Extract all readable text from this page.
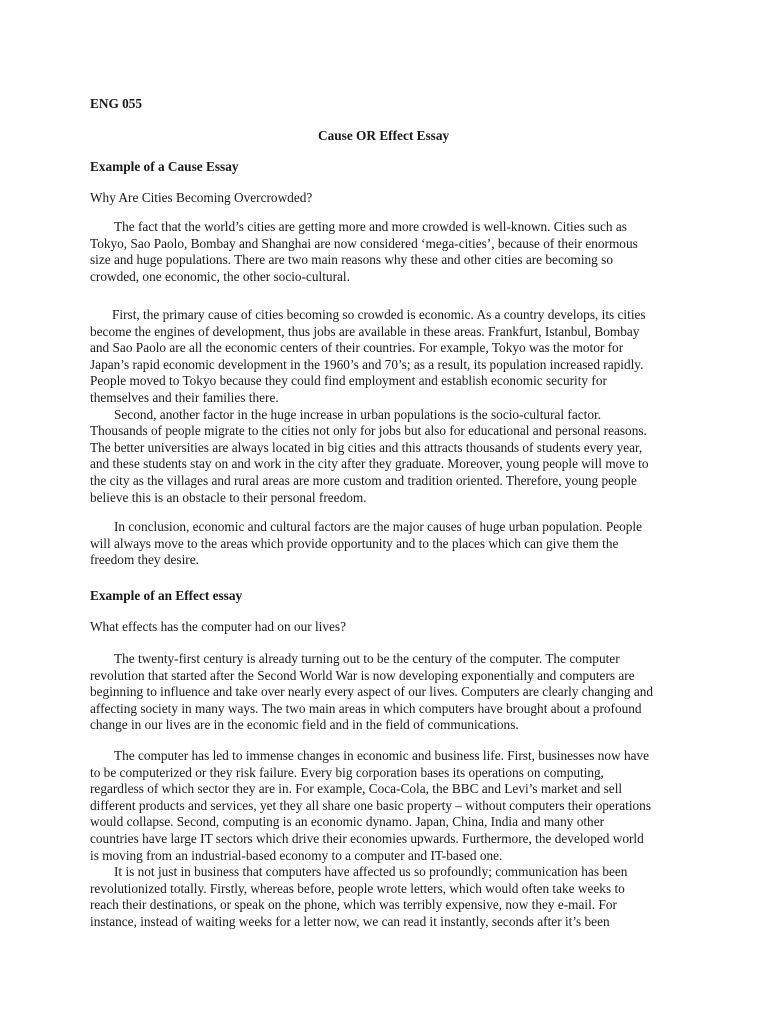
ENG 055
Cause OR Effect Essay
Example of a Cause Essay
Why Are Cities Becoming Overcrowded?
The fact that the world’s cities are getting more and more crowded is well-known. Cities such as
Tokyo, Sao Paolo, Bombay and Shanghai are now considered ‘mega-cities’, because of their enormous
size and huge populations. There are two main reasons why these and other cities are becoming so
crowded, one economic, the other socio-cultural.
First, the primary cause of cities becoming so crowded is economic. As a country develops, its cities
become the engines of development, thus jobs are available in these areas. Frankfurt, Istanbul, Bombay
and Sao Paolo are all the economic centers of their countries. For example, Tokyo was the motor for
Japan’s rapid economic development in the 1960’s and 70’s; as a result, its population increased rapidly.
People moved to Tokyo because they could find employment and establish economic security for
themselves and their families there.
Second, another factor in the huge increase in urban populations is the socio-cultural factor.
Thousands of people migrate to the cities not only for jobs but also for educational and personal reasons.
The better universities are always located in big cities and this attracts thousands of students every year,
and these students stay on and work in the city after they graduate. Moreover, young people will move to
the city as the villages and rural areas are more custom and tradition oriented. Therefore, young people
believe this is an obstacle to their personal freedom.
In conclusion, economic and cultural factors are the major causes of huge urban population. People
will always move to the areas which provide opportunity and to the places which can give them the
freedom they desire.
Example of an Effect essay
What effects has the computer had on our lives?
The twenty-first century is already turning out to be the century of the computer. The computer
revolution that started after the Second World War is now developing exponentially and computers are
beginning to influence and take over nearly every aspect of our lives. Computers are clearly changing and
affecting society in many ways. The two main areas in which computers have brought about a profound
change in our lives are in the economic field and in the field of communications.
The computer has led to immense changes in economic and business life. First, businesses now have
to be computerized or they risk failure. Every big corporation bases its operations on computing,
regardless of which sector they are in. For example, Coca-Cola, the BBC and Levi’s market and sell
different products and services, yet they all share one basic property – without computers their operations
would collapse. Second, computing is an economic dynamo. Japan, China, India and many other
countries have large IT sectors which drive their economies upwards. Furthermore, the developed world
is moving from an industrial-based economy to a computer and IT-based one.
It is not just in business that computers have affected us so profoundly; communication has been
revolutionized totally. Firstly, whereas before, people wrote letters, which would often take weeks to
reach their destinations, or speak on the phone, which was terribly expensive, now they e-mail. For
instance, instead of waiting weeks for a letter now, we can read it instantly, seconds after it’s been
